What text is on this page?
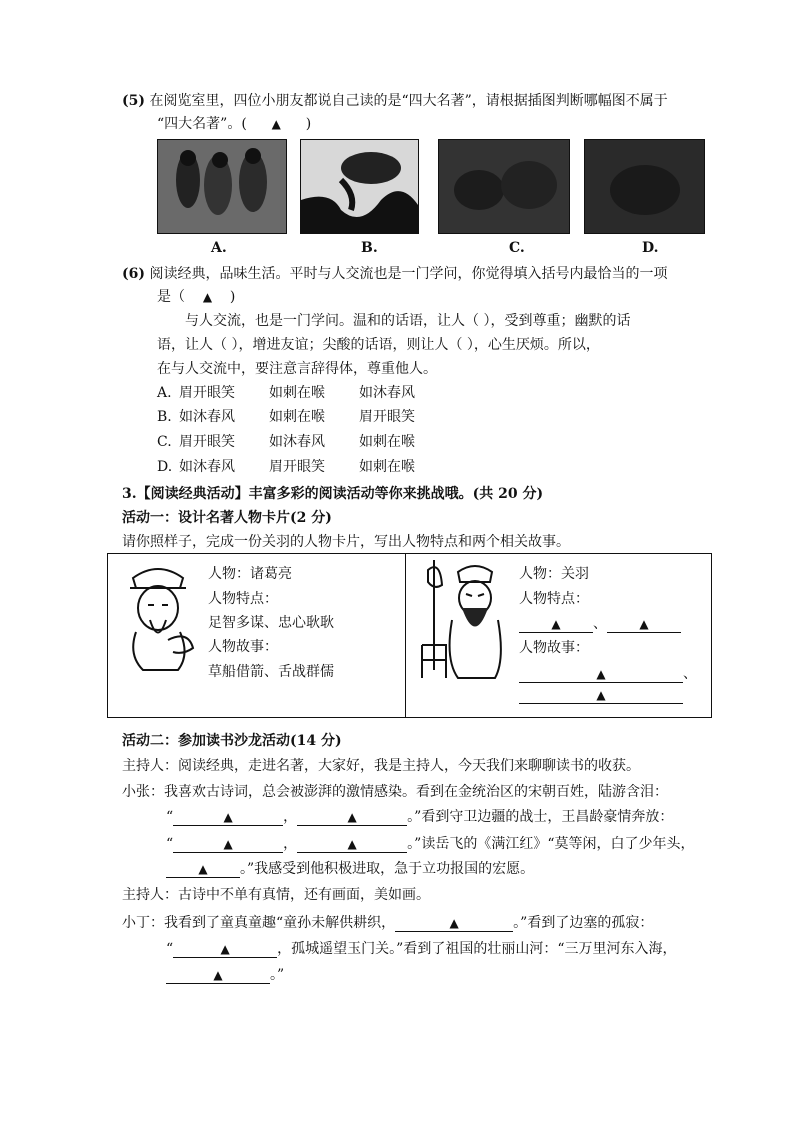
(5) 在阅览室里，四位小朋友都说自己读的是“四大名著”，请根据插图判断哪幅图不属于
“四大名著”。( ▲ )
A.	B.	C.	D.
(6) 阅读经典，品味生活。平时与人交流也是一门学问，你觉得填入括号内最恰当的一项
是（ ▲ )
与人交流，也是一门学问。温和的话语，让人（ ），受到尊重；幽默的话
语，让人（ ），增进友谊；尖酸的话语，则让人（ ），心生厌烦。所以，
在与人交流中，要注意言辞得体，尊重他人。
A. 眉开眼笑 如刺在喉 如沐春风
B. 如沐春风 如刺在喉 眉开眼笑
C. 眉开眼笑 如沐春风 如刺在喉
D. 如沐春风 眉开眼笑 如刺在喉
3.【阅读经典活动】丰富多彩的阅读活动等你来挑战哦。(共 20 分)
活动一：设计名著人物卡片(2 分)
请你照样子，完成一份关羽的人物卡片，写出人物特点和两个相关故事。
人物：诸葛亮
人物特点：
足智多谋、忠心耿耿
人物故事：
草船借箭、舌战群儒
人物：关羽
人物特点：
▲ 、	▲
人物故事：
▲	、
▲
活动二：参加读书沙龙活动(14 分)
主持人：阅读经典，走进名著，大家好，我是主持人，今天我们来聊聊读书的收获。
小张：我喜欢古诗词，总会被澎湃的激情感染。看到在金统治区的宋朝百姓，陆游含泪：
“	▲	，	▲	。”看到守卫边疆的战士，王昌龄豪情奔放：
“	▲	，	▲	。”读岳飞的《满江红》“莫等闲，白了少年头，
▲ 。”我感受到他积极进取，急于立功报国的宏愿。
主持人：古诗中不单有真情，还有画面，美如画。
小丁：我看到了童真童趣“童孙未解供耕织，	▲	。”看到了边塞的孤寂：
“	▲	，孤城遥望玉门关。”看到了祖国的壮丽山河：“三万里河东入海，
▲	。”
